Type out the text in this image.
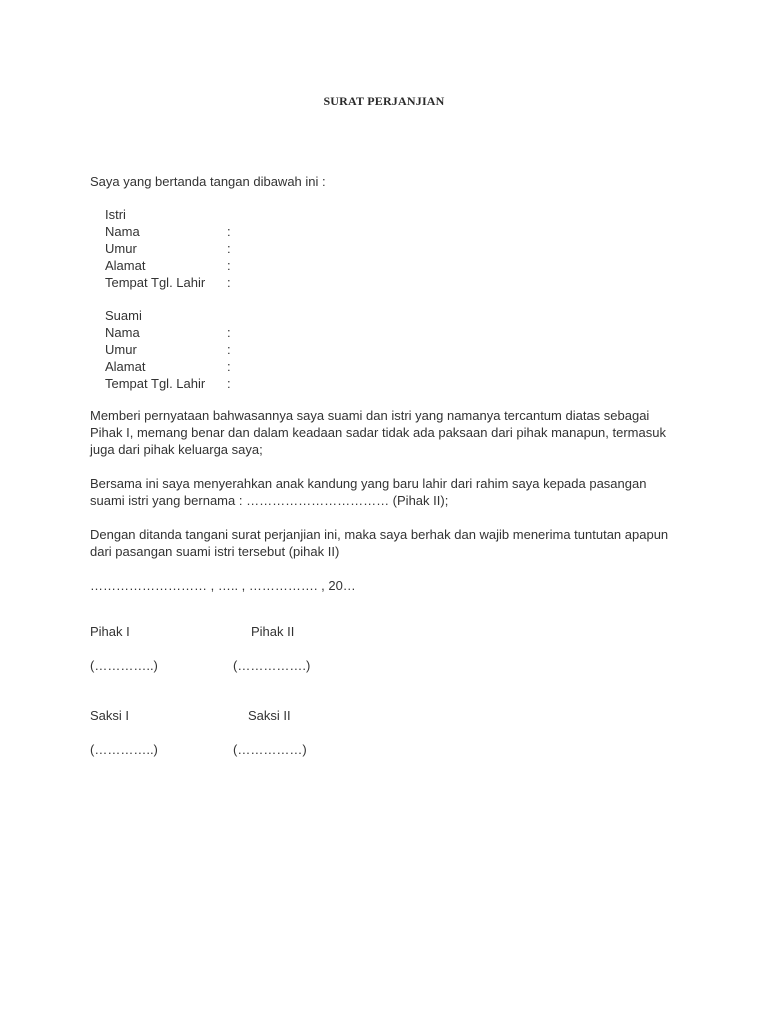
SURAT PERJANJIAN
Saya yang bertanda tangan dibawah ini :
Istri
Nama	:
Umur	:
Alamat	:
Tempat Tgl. Lahir :
Suami
Nama	:
Umur	:
Alamat	:
Tempat Tgl. Lahir :
Memberi pernyataan bahwasannya saya suami dan istri yang namanya tercantum diatas sebagai
Pihak I, memang benar dan dalam keadaan sadar tidak ada paksaan dari pihak manapun, termasuk
juga dari pihak keluarga saya;
Bersama ini saya menyerahkan anak kandung yang baru lahir dari rahim saya kepada pasangan
suami istri yang bernama : …………………………… (Pihak II);
Dengan ditanda tangani surat perjanjian ini, maka saya berhak dan wajib menerima tuntutan apapun
dari pasangan suami istri tersebut (pihak II)
……………………… , ….. , ……………. , 20…
Pihak I	Pihak II
(…………..)	(…………….)
Saksi I	Saksi II
(…………..)	(……………)
